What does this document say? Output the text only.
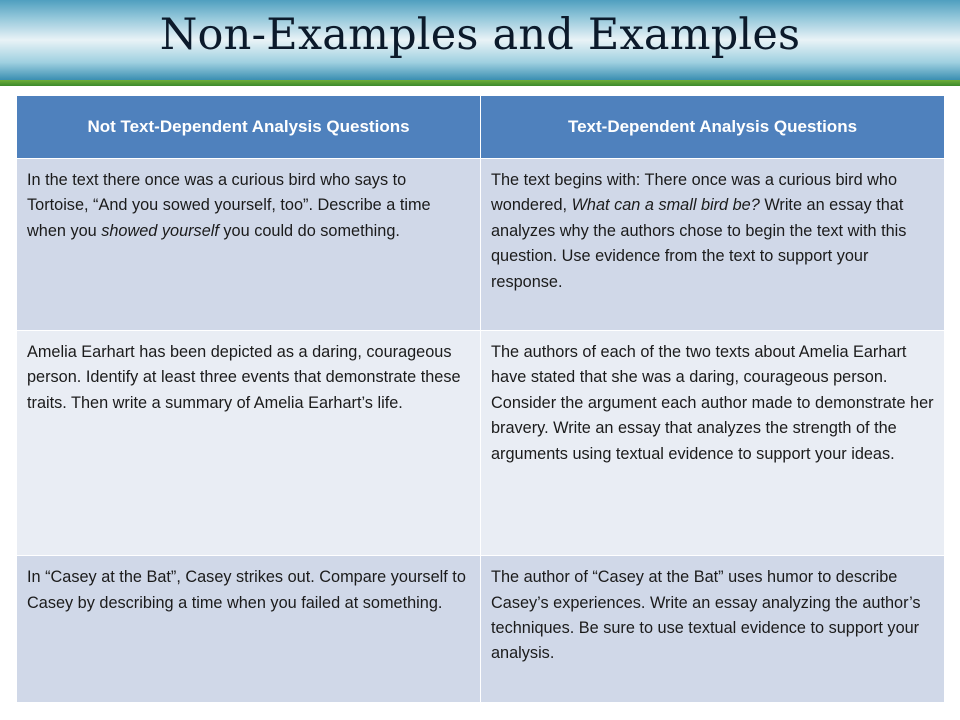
Non-Examples and Examples
Not Text-Dependent Analysis Questions	Text-Dependent Analysis Questions
In the text there once was a curious bird who says to Tortoise, “And you sowed yourself, too”. Describe a time when you showed yourself you could do something.	The text begins with: There once was a curious bird who wondered, What can a small bird be? Write an essay that analyzes why the authors chose to begin the text with this question. Use evidence from the text to support your response.
Amelia Earhart has been depicted as a daring, courageous person. Identify at least three events that demonstrate these traits. Then write a summary of Amelia Earhart’s life.	The authors of each of the two texts about Amelia Earhart have stated that she was a daring, courageous person. Consider the argument each author made to demonstrate her bravery. Write an essay that analyzes the strength of the arguments using textual evidence to support your ideas.
In “Casey at the Bat”, Casey strikes out. Compare yourself to Casey by describing a time when you failed at something.	The author of “Casey at the Bat” uses humor to describe Casey’s experiences. Write an essay analyzing the author’s techniques. Be sure to use textual evidence to support your analysis.
